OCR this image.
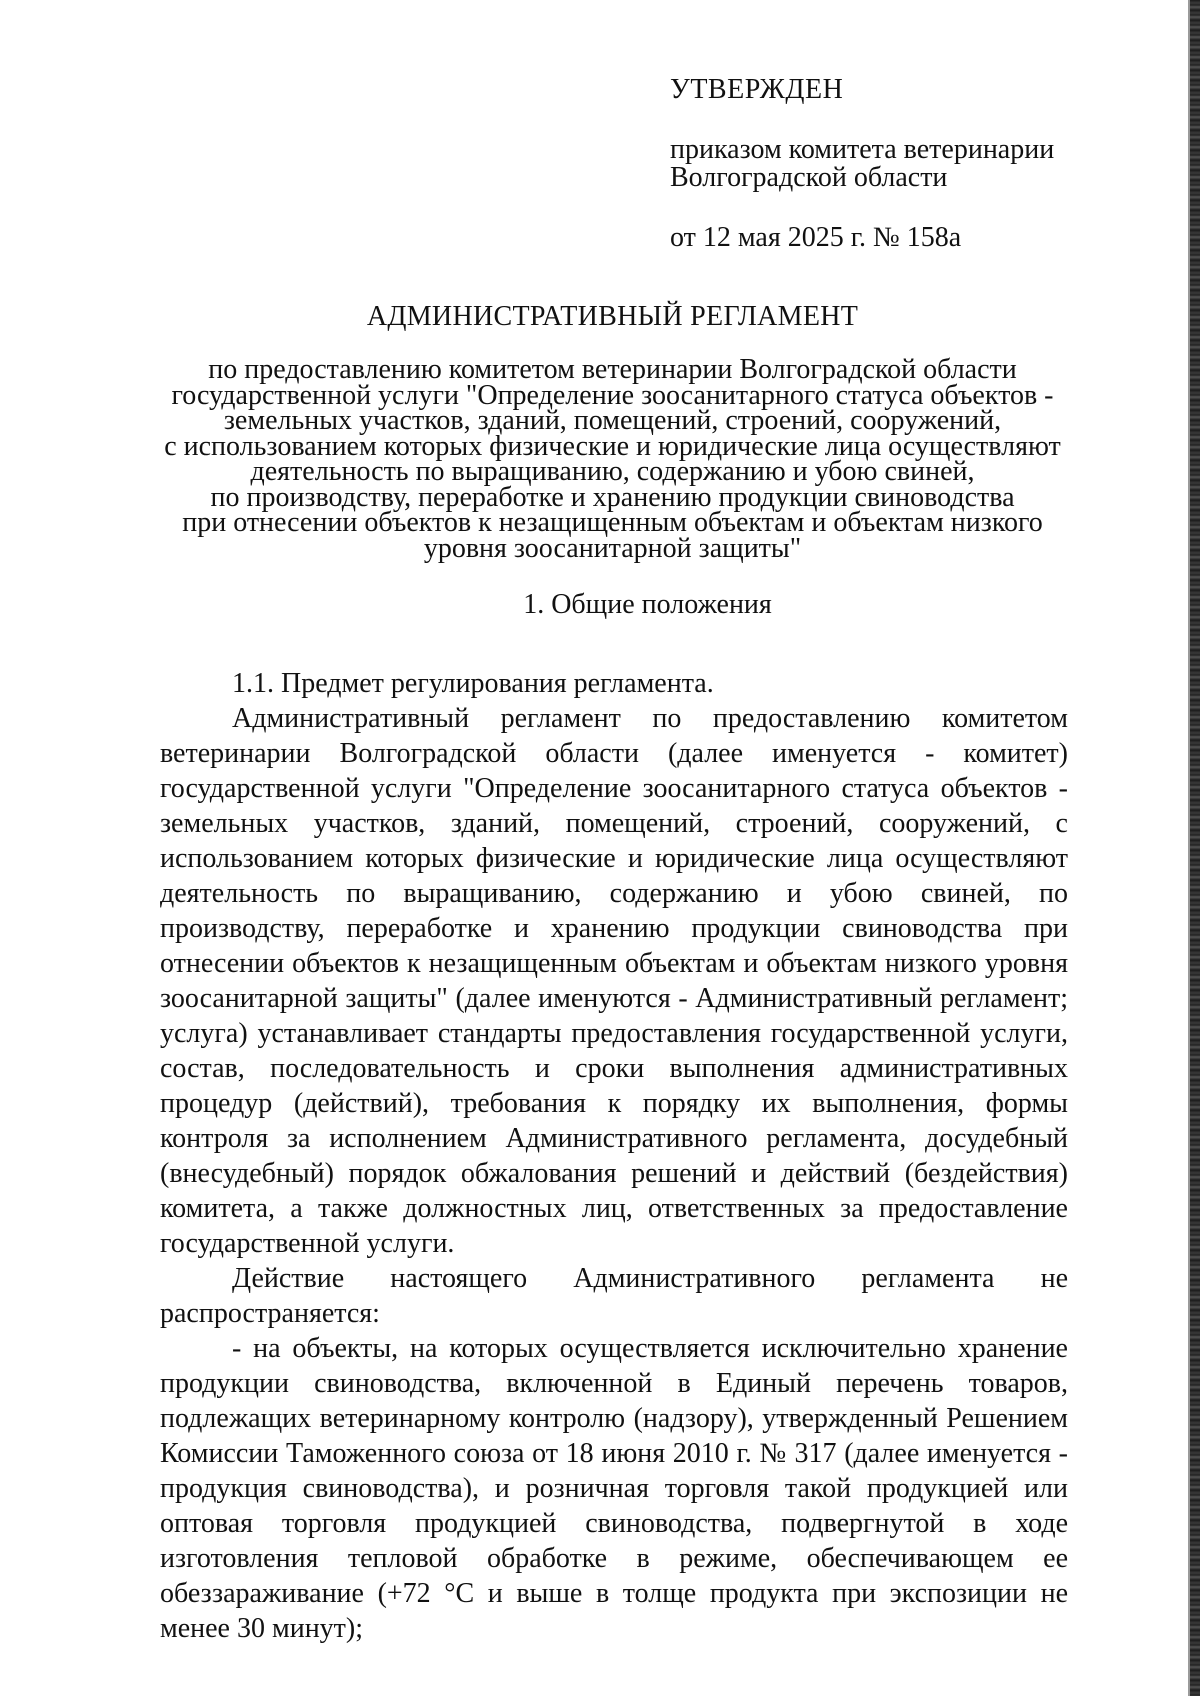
УТВЕРЖДЕН

приказом комитета ветеринарии

Волгоградской области

от 12 мая 2025 г. № 158а

АДМИНИСТРАТИВНЫЙ РЕГЛАМЕНТ
по предоставлению комитетом ветеринарии Волгоградской области
государственной услуги "Определение зоосанитарного статуса объектов -
земельных участков, зданий, помещений, строений, сооружений,
с использованием которых физические и юридические лица осуществляют
деятельность по выращиванию, содержанию и убою свиней,
по производству, переработке и хранению продукции свиноводства
при отнесении объектов к незащищенным объектам и объектам низкого
уровня зоосанитарной защиты"
1. Общие положения

1.1. Предмет регулирования регламента.

Административный регламент по предоставлению комитетом ветеринарии Волгоградской области (далее именуется - комитет) государственной услуги "Определение зоосанитарного статуса объектов - земельных участков, зданий, помещений, строений, сооружений, с использованием которых физические и юридические лица осуществляют деятельность по выращиванию, содержанию и убою свиней, по производству, переработке и хранению продукции свиноводства при отнесении объектов к незащищенным объектам и объектам низкого уровня зоосанитарной защиты" (далее именуются - Административный регламент; услуга) устанавливает стандарты предоставления государственной услуги, состав, последовательность и сроки выполнения административных процедур (действий), требования к порядку их выполнения, формы контроля за исполнением Административного регламента, досудебный (внесудебный) порядок обжалования решений и действий (бездействия) комитета, а также должностных лиц, ответственных за предоставление государственной услуги.

Действие настоящего Административного регламента не распространяется:

- на объекты, на которых осуществляется исключительно хранение продукции свиноводства, включенной в Единый перечень товаров, подлежащих ветеринарному контролю (надзору), утвержденный Решением Комиссии Таможенного союза от 18 июня 2010 г. № 317 (далее именуется - продукция свиноводства), и розничная торговля такой продукцией или оптовая торговля продукцией свиноводства, подвергнутой в ходе изготовления тепловой обработке в режиме, обеспечивающем ее обеззараживание (+72 °С и выше в толще продукта при экспозиции не менее 30 минут);
